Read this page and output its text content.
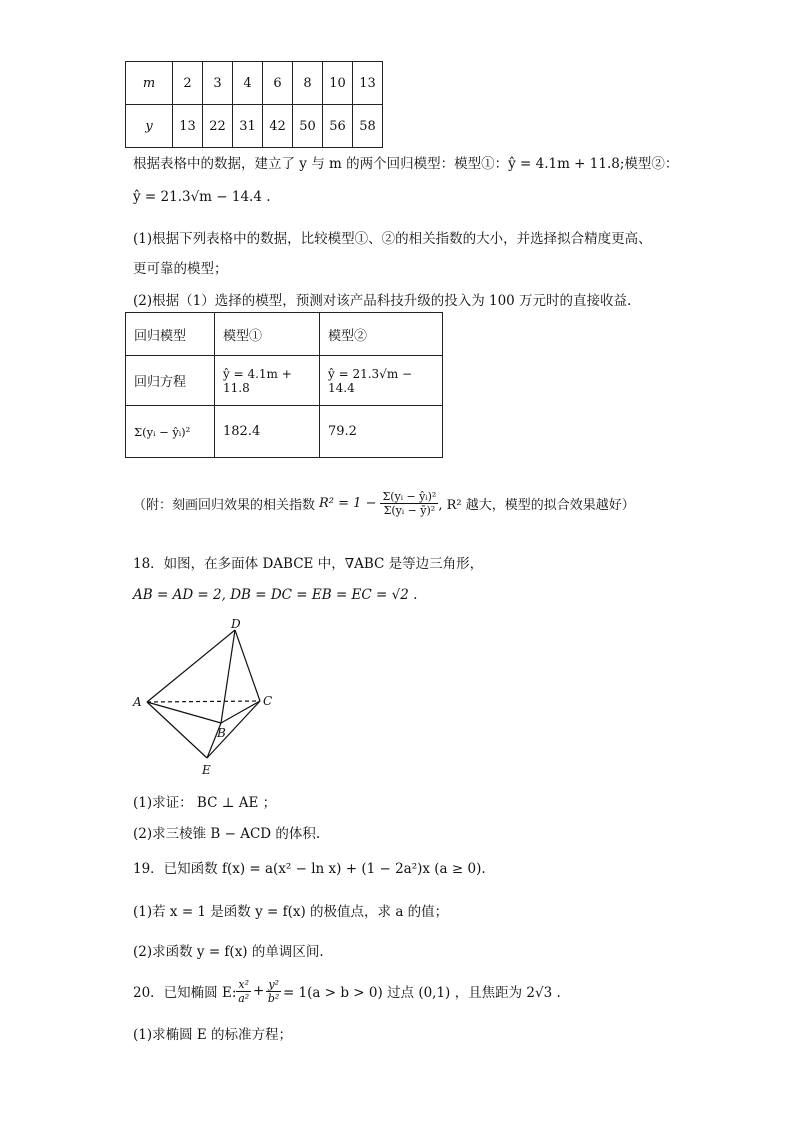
m	2	3	4	6	8	10	13
y	13	22	31	42	50	56	58
根据表格中的数据，建立了 y 与 m 的两个回归模型：模型①：ŷ = 4.1m + 11.8;模型②：
ŷ = 21.3√m − 14.4 .
(1)根据下列表格中的数据，比较模型①、②的相关指数的大小，并选择拟合精度更高、
更可靠的模型；
(2)根据（1）选择的模型，预测对该产品科技升级的投入为 100 万元时的直接收益.
回归模型	模型①	模型②
回归方程	ŷ = 4.1m + 11.8	ŷ = 21.3√m − 14.4
Σ(yᵢ − ŷᵢ)²	182.4	79.2
（附：刻画回归效果的相关指数 $R^2 = 1 - \frac{\text{Σ(yᵢ − ŷᵢ)²}}{\text{Σ(yᵢ − ȳ)²}}$ , R² 越大，模型的拟合效果越好）
18．如图，在多面体 DABCE 中，∇ABC 是等边三角形，
AB = AD = 2, DB = DC = EB = EC = √2 .
D
A	C
B
E
(1)求证： BC ⊥ AE ；
(2)求三棱锥 B − ACD 的体积.
19．已知函数 f(x) = a(x² − ln x) + (1 − 2a²)x (a ≥ 0).
(1)若 x = 1 是函数 y = f(x) 的极值点，求 a 的值；
(2)求函数 y = f(x) 的单调区间.
20．已知椭圆 E: $\frac{\text{x²}}{\text{a²}} + \frac{\text{y²}}{\text{b²}} = 1(a > b > 0)$ 过点 (0,1) ，且焦距为 2√3 .
(1)求椭圆 E 的标准方程；
